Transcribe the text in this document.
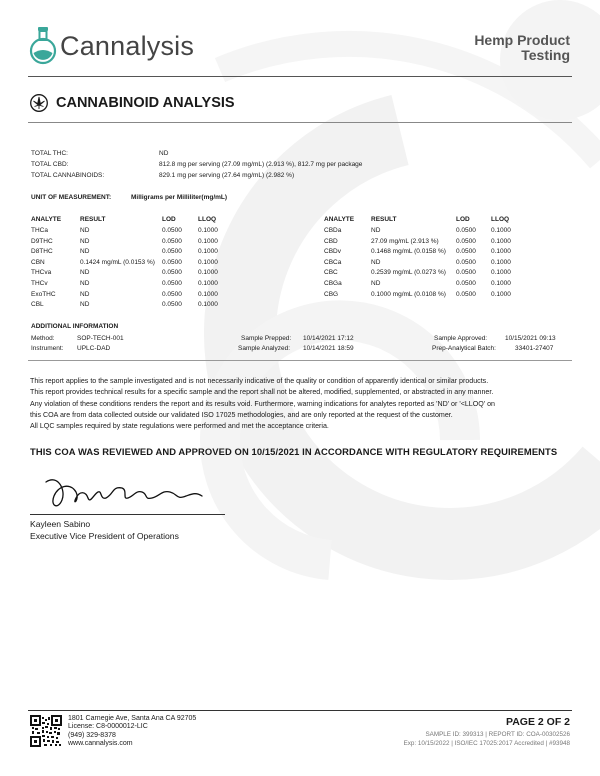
Cannalysis	Hemp Product
Testing
CANNABINOID ANALYSIS
TOTAL THC:	ND
TOTAL CBD:	812.8 mg per serving (27.09 mg/mL) (2.913 %), 812.7 mg per package
TOTAL CANNABINOIDS:	829.1 mg per serving (27.64 mg/mL) (2.982 %)
UNIT OF MEASUREMENT:	Milligrams per Milliliter(mg/mL)
ANALYTE	RESULT	LOD	LLOQ
THCa	ND	0.0500 0.1000
D9THC	ND	0.0500 0.1000
D8THC	ND	0.0500 0.1000
CBN	0.1424 mg/mL (0.0153 %) 0.0500 0.1000
THCva	ND	0.0500 0.1000
THCv	ND	0.0500 0.1000
ExoTHC	ND	0.0500 0.1000
CBL	ND	0.0500 0.1000
ANALYTE	RESULT	LOD	LLOQ
CBDa	ND	0.0500 0.1000
CBD	27.09 mg/mL (2.913 %)	0.0500 0.1000
CBDv	0.1468 mg/mL (0.0158 %) 0.0500 0.1000
CBCa	ND	0.0500 0.1000
CBC	0.2539 mg/mL (0.0273 %) 0.0500 0.1000
CBGa	ND	0.0500 0.1000
CBG	0.1000 mg/mL (0.0108 %) 0.0500 0.1000
ADDITIONAL INFORMATION
Method:	SOP-TECH-001
Instrument: UPLC-DAD
Sample Prepped: 10/14/2021 17:12
Sample Analyzed: 10/14/2021 18:59
Sample Approved:	10/15/2021 09:13
Prep-Analytical Batch:	33401-27407
This report applies to the sample investigated and is not necessarily indicative of the quality or condition of apparently identical or similar products.
This report provides technical results for a specific sample and the report shall not be altered, modified, supplemented, or abstracted in any manner.
Any violation of these conditions renders the report and its results void. Furthermore, warning indications for analytes reported as 'ND' or '<LLOQ' on
this COA are from data collected outside our validated ISO 17025 methodologies, and are only reported at the request of the customer.
All LQC samples required by state regulations were performed and met the acceptance criteria.
THIS COA WAS REVIEWED AND APPROVED ON 10/15/2021 IN ACCORDANCE WITH REGULATORY REQUIREMENTS
Kayleen Sabino
Executive Vice President of Operations
1801 Carnegie Ave, Santa Ana CA 92705
License: C8-0000012-LIC
(949) 329-8378
www.cannalysis.com
PAGE 2 OF 2
SAMPLE ID: 399313 | REPORT ID: COA-00302526
Exp: 10/15/2022 | ISO/IEC 17025:2017 Accredited | #93948
